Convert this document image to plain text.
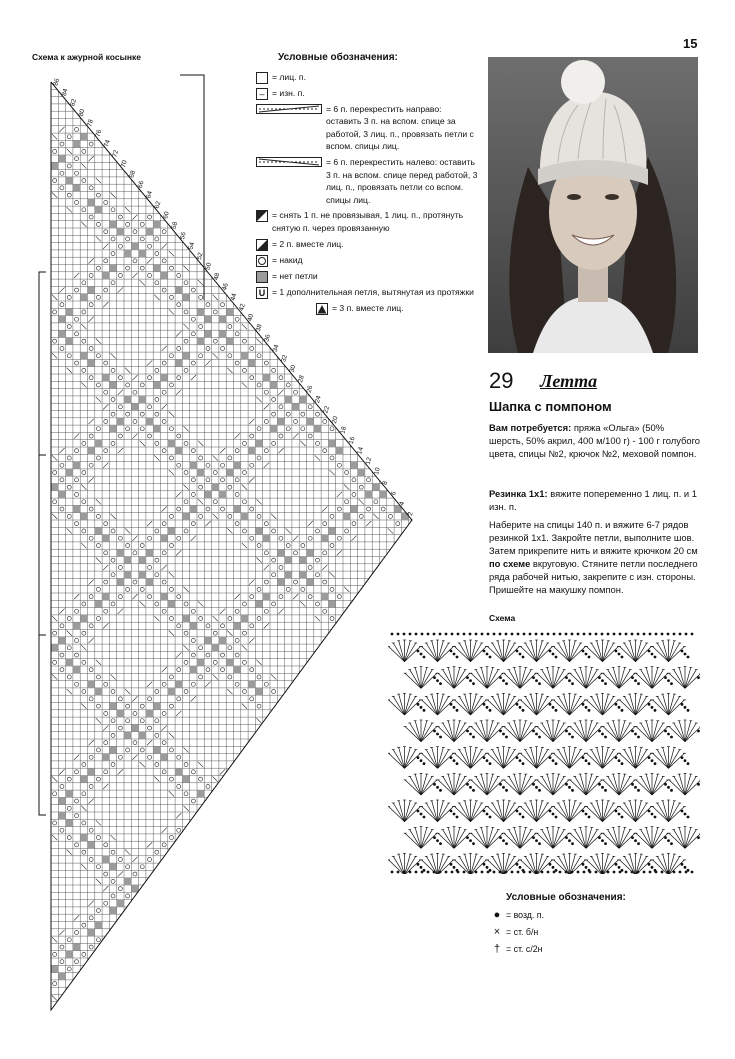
15
Схема к ажурной косынке
86
84
82
80
78
76
74
72
70
68
66
64
62
60
58
56
54
52
50
48
46
44
42
40
38
36
34
32
30
28
26
24
22
20
18
16
14
12
10
8
6
4
2
Условные обозначения:
= лиц. п.
– = изн. п.
= 6 п. перекрестить направо: оставить 3 п. на вспом. спице за работой, 3 лиц. п., провязать петли с вспом. спицы лиц.
= 6 п. перекрестить налево: оставить 3 п. на вспом. спице перед работой, 3 лиц. п., провязать петли со вспом. спицы лиц.
= снять 1 п. не провязывая, 1 лиц. п., протянуть снятую п. через провязанную
= 2 п. вместе лиц.
= накид
= нет петли
U = 1 дополнительная петля, вытянутая из протяжки
= 3 п. вместе лиц.
29 Летта
Шапка с помпоном
Вам потребуется: пряжа «Ольга» (50% шерсть, 50% акрил, 400 м/100 г) - 100 г голубого цвета, спицы №2, крючок №2, меховой помпон.
Резинка 1х1: вяжите попеременно 1 лиц. п. и 1 изн. п.
Наберите на спицы 140 п. и вяжите 6-7 рядов резинкой 1х1. Закройте петли, выполните шов. Затем прикрепите нить и вяжите крючком 20 см по схеме вкруговую. Стяните петли последнего ряда рабочей нитью, закрепите с изн. стороны. Пришейте на макушку помпон.
Схема
Условные обозначения:
● = возд. п.
× = ст. б/н
† = ст. с/2н
